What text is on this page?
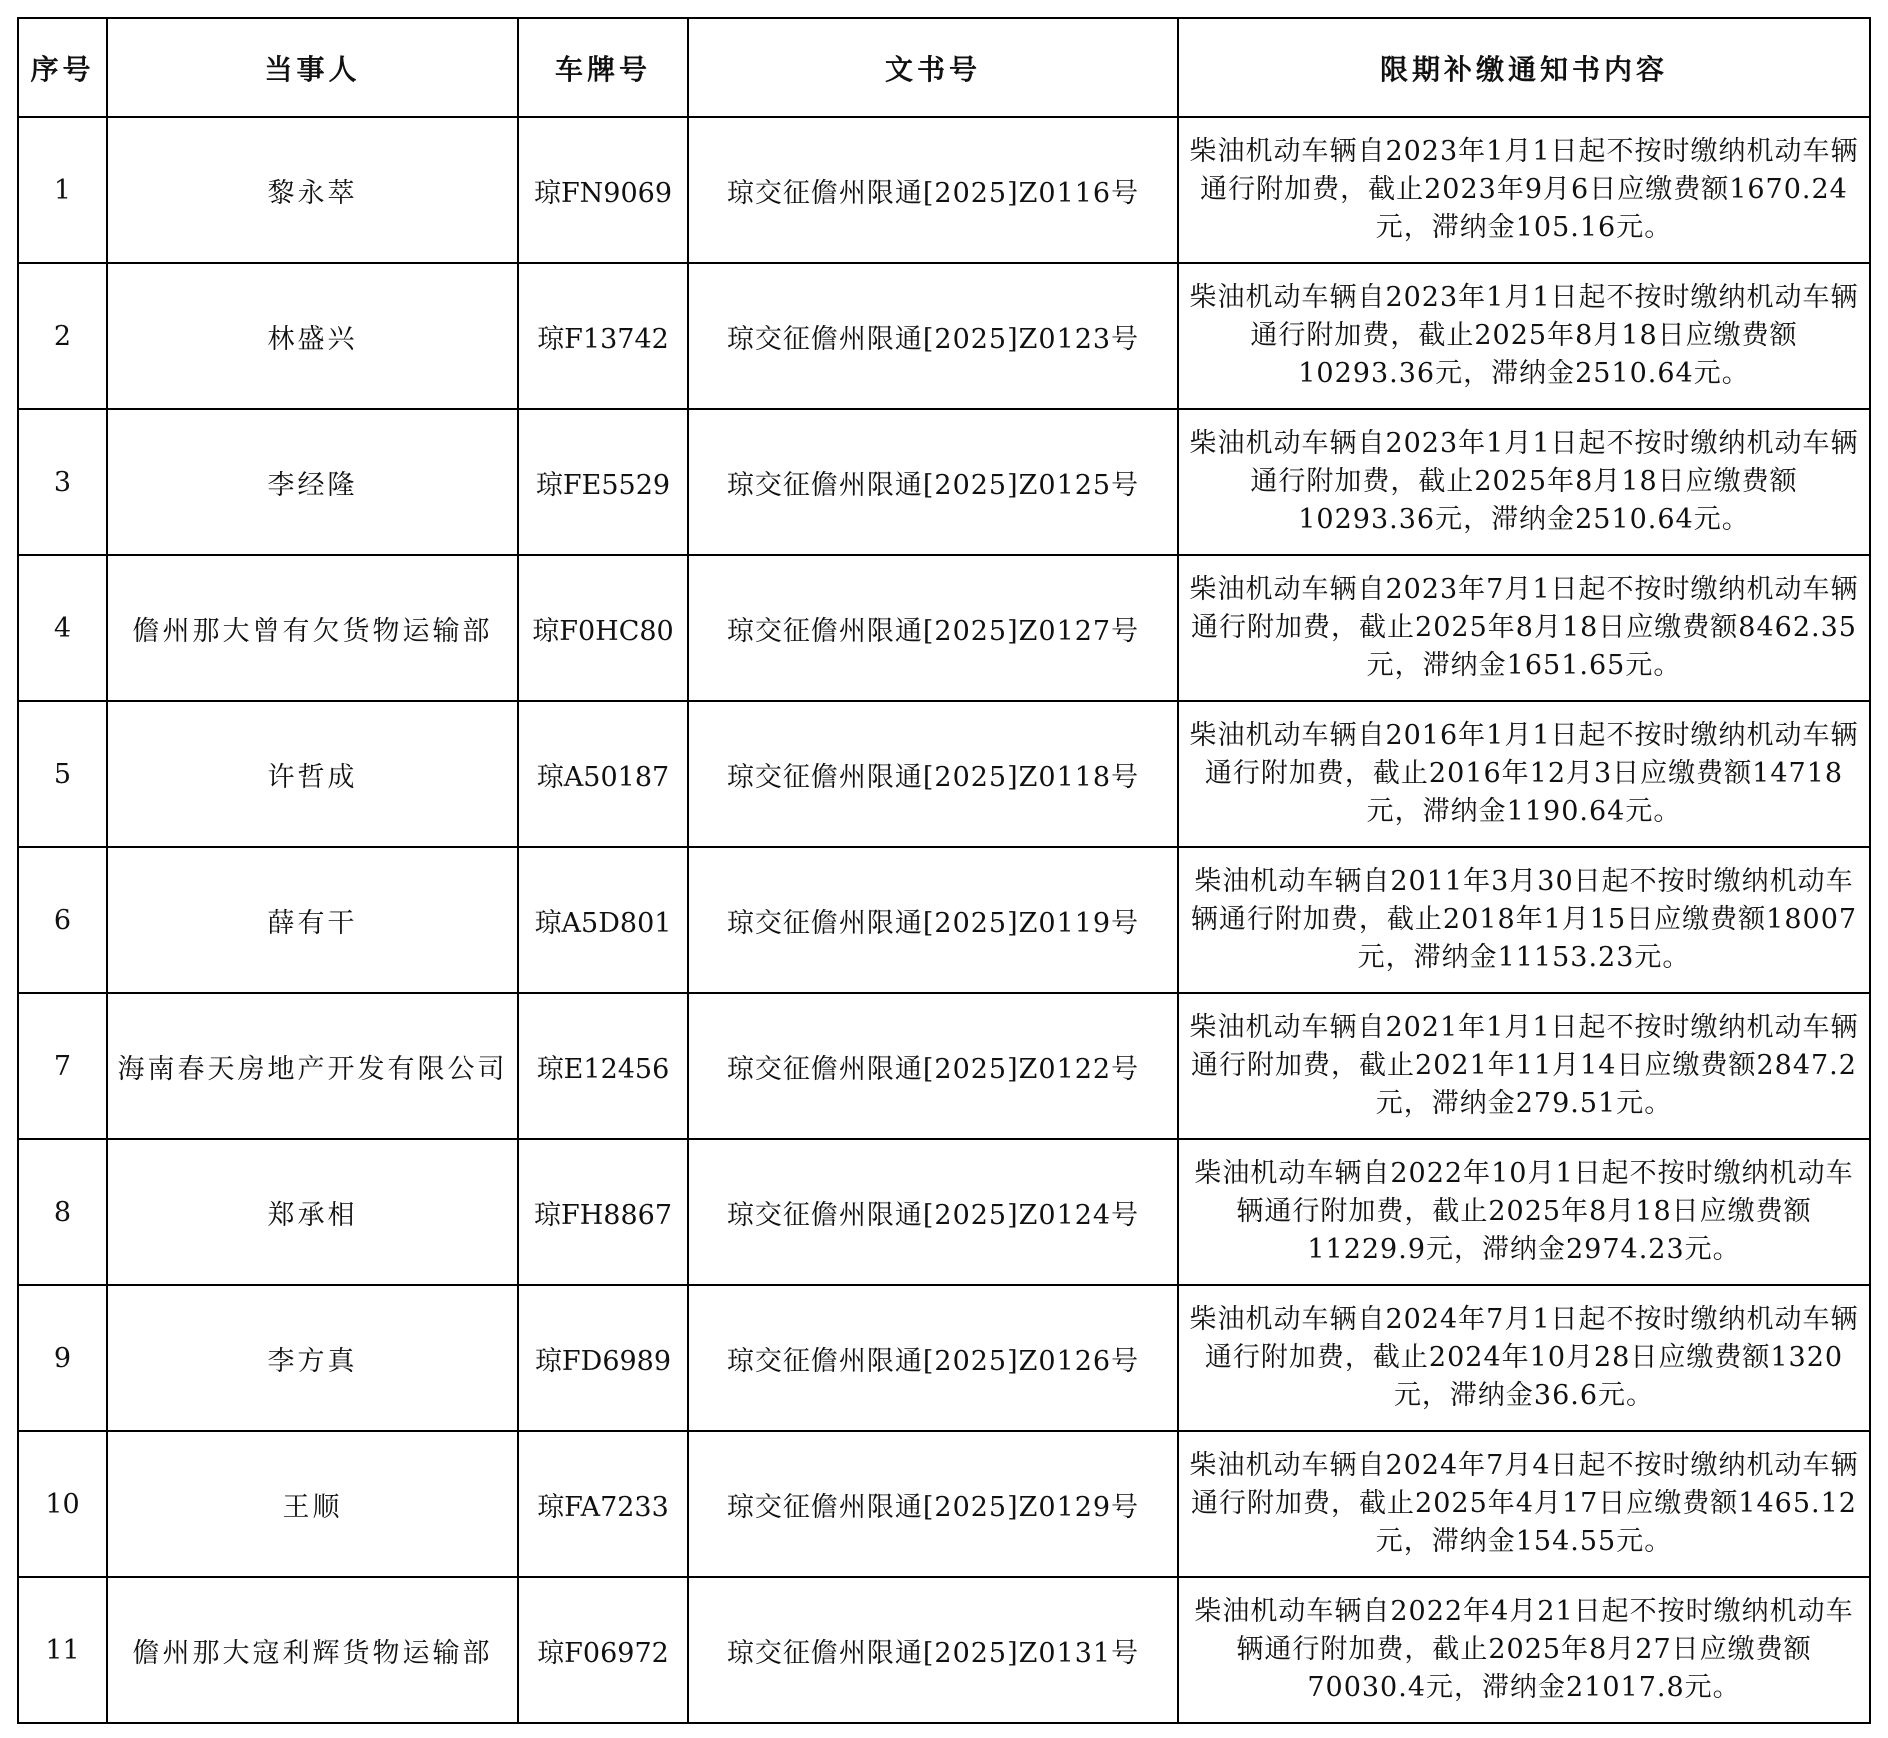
序号	当事人	车牌号	文书号	限期补缴通知书内容
1	黎永萃	琼FN9069	琼交征儋州限通[2025]Z0116号	柴油机动车辆自2023年1月1日起不按时缴纳机动车辆通行附加费，截止2023年9月6日应缴费额1670.24元，滞纳金105.16元。
2	林盛兴	琼F13742	琼交征儋州限通[2025]Z0123号	柴油机动车辆自2023年1月1日起不按时缴纳机动车辆通行附加费，截止2025年8月18日应缴费额10293.36元，滞纳金2510.64元。
3	李经隆	琼FE5529	琼交征儋州限通[2025]Z0125号	柴油机动车辆自2023年1月1日起不按时缴纳机动车辆通行附加费，截止2025年8月18日应缴费额10293.36元，滞纳金2510.64元。
4	儋州那大曾有欠货物运输部	琼F0HC80	琼交征儋州限通[2025]Z0127号	柴油机动车辆自2023年7月1日起不按时缴纳机动车辆通行附加费，截止2025年8月18日应缴费额8462.35元，滞纳金1651.65元。
5	许哲成	琼A50187	琼交征儋州限通[2025]Z0118号	柴油机动车辆自2016年1月1日起不按时缴纳机动车辆通行附加费，截止2016年12月3日应缴费额14718元，滞纳金1190.64元。
6	薛有干	琼A5D801	琼交征儋州限通[2025]Z0119号	柴油机动车辆自2011年3月30日起不按时缴纳机动车辆通行附加费，截止2018年1月15日应缴费额18007元，滞纳金11153.23元。
7	海南春天房地产开发有限公司	琼E12456	琼交征儋州限通[2025]Z0122号	柴油机动车辆自2021年1月1日起不按时缴纳机动车辆通行附加费，截止2021年11月14日应缴费额2847.2元，滞纳金279.51元。
8	郑承相	琼FH8867	琼交征儋州限通[2025]Z0124号	柴油机动车辆自2022年10月1日起不按时缴纳机动车辆通行附加费，截止2025年8月18日应缴费额11229.9元，滞纳金2974.23元。
9	李方真	琼FD6989	琼交征儋州限通[2025]Z0126号	柴油机动车辆自2024年7月1日起不按时缴纳机动车辆通行附加费，截止2024年10月28日应缴费额1320元，滞纳金36.6元。
10	王顺	琼FA7233	琼交征儋州限通[2025]Z0129号	柴油机动车辆自2024年7月4日起不按时缴纳机动车辆通行附加费，截止2025年4月17日应缴费额1465.12元，滞纳金154.55元。
11	儋州那大寇利辉货物运输部	琼F06972	琼交征儋州限通[2025]Z0131号	柴油机动车辆自2022年4月21日起不按时缴纳机动车辆通行附加费，截止2025年8月27日应缴费额70030.4元，滞纳金21017.8元。
